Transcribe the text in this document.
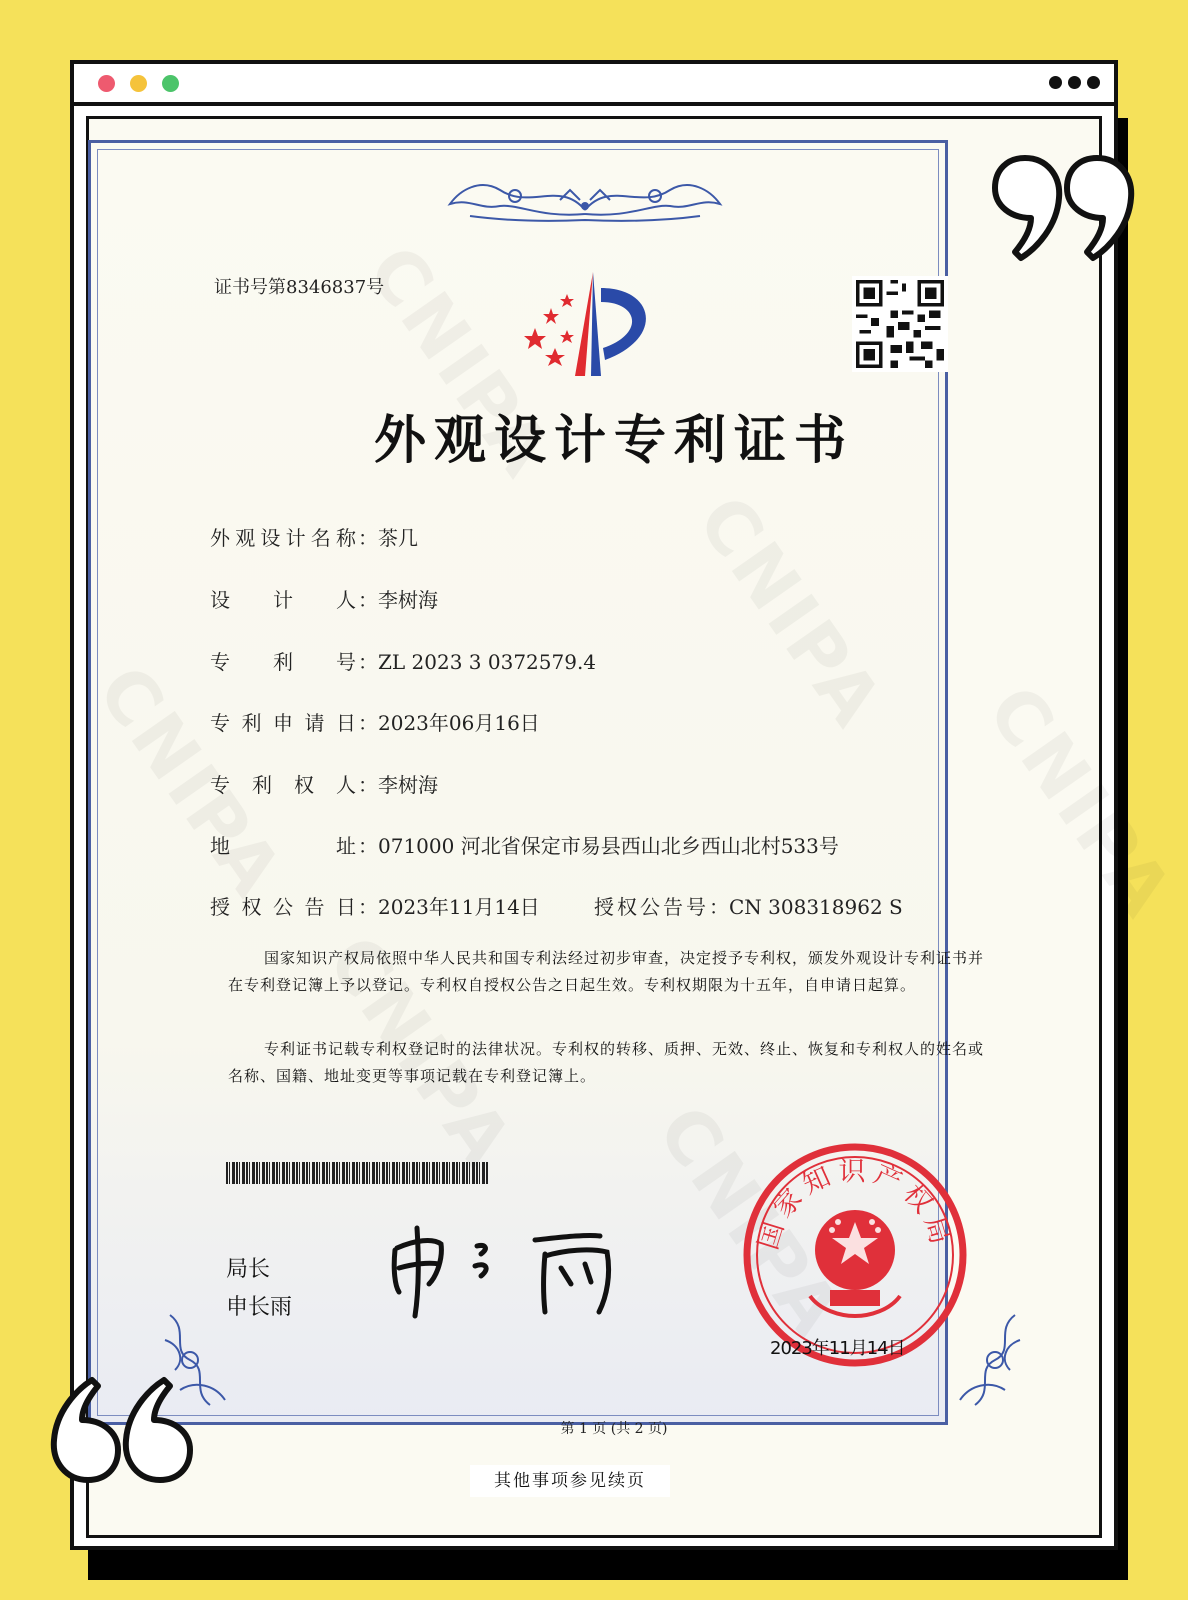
证书号第8346837号
外观设计专利证书
外观设计名称：茶几
设计人：李树海
专利号：ZL 2023 3 0372579.4
专利申请日：2023年06月16日
专利权人：李树海
地址：071000 河北省保定市易县西山北乡西山北村533号
授权公告日：2023年11月14日	授权公告号：CN 308318962 S
国家知识产权局依照中华人民共和国专利法经过初步审查，决定授予专利权，颁发外观设计专利证书并在专利登记簿上予以登记。专利权自授权公告之日起生效。专利权期限为十五年，自申请日起算。
专利证书记载专利权登记时的法律状况。专利权的转移、质押、无效、终止、恢复和专利权人的姓名或名称、国籍、地址变更等事项记载在专利登记簿上。
局长
申长雨
国家知识产权局
2023年11月14日
第 1 页 (共 2 页)
其他事项参见续页
